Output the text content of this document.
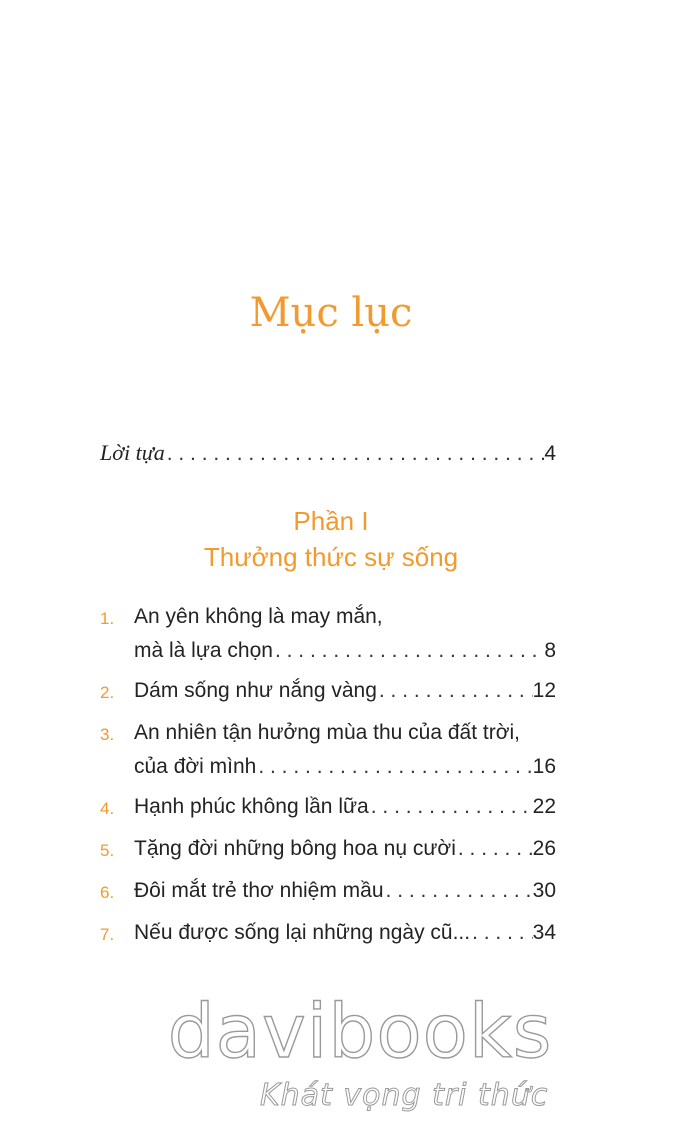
Mục lục
Lời tựa . . .	4
Phần I
Thưởng thức sự sống
1. An yên không là may mắn,
mà là lựa chọn . . .	8
2. Dám sống như nắng vàng . . .	12
3. An nhiên tận hưởng mùa thu của đất trời,
của đời mình . . .	16
4. Hạnh phúc không lần lữa . . .	22
5. Tặng đời những bông hoa nụ cười . . .	26
6. Đôi mắt trẻ thơ nhiệm mầu . . .	30
7. Nếu được sống lại những ngày cũ... . . .	34
davibooks
Khát vọng tri thức
